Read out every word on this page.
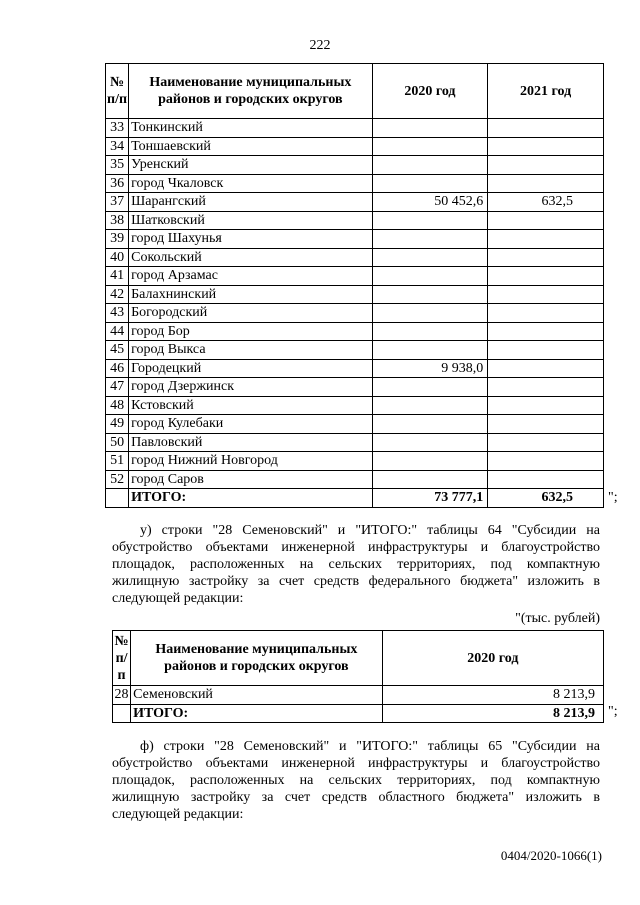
222
№ п/п	Наименование муниципальных районов и городских округов	2020 год	2021 год
33	Тонкинский		
34	Тоншаевский		
35	Уренский		
36	город Чкаловск		
37	Шарангский	50 452,6	632,5
38	Шатковский		
39	город Шахунья		
40	Сокольский		
41	город Арзамас		
42	Балахнинский		
43	Богородский		
44	город Бор		
45	город Выкса		
46	Городецкий	9 938,0	
47	город Дзержинск		
48	Кстовский		
49	город Кулебаки		
50	Павловский		
51	город Нижний Новгород		
52	город Саров		
	ИТОГО:	73 777,1	632,5	";

у) строки "28 Семеновский" и "ИТОГО:" таблицы 64 "Субсидии на обустройство объектами инженерной инфраструктуры и благоустройство площадок, расположенных на сельских территориях, под компактную жилищную застройку за счет средств федерального бюджета" изложить в следующей редакции:

"(тыс. рублей)
№ п/п	Наименование муниципальных районов и городских округов	2020 год
28	Семеновский	8 213,9
	ИТОГО:	8 213,9 ";

ф) строки "28 Семеновский" и "ИТОГО:" таблицы 65 "Субсидии на обустройство объектами инженерной инфраструктуры и благоустройство площадок, расположенных на сельских территориях, под компактную жилищную застройку за счет средств областного бюджета" изложить в следующей редакции:

0404/2020-1066(1)
